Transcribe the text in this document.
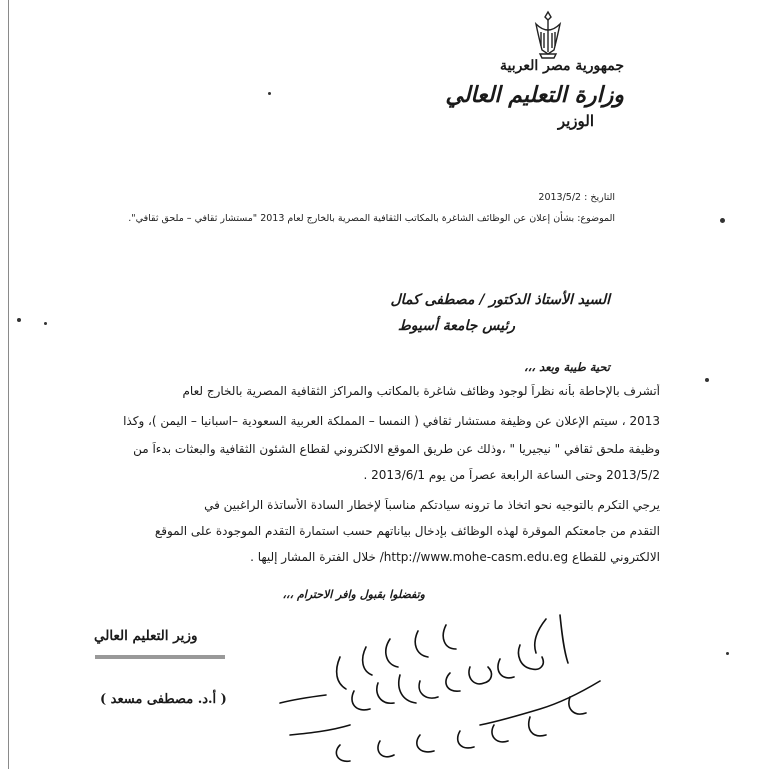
جمهورية مصر العربية
وزارة التعليم العالي
الوزير
التاريخ : 2013/5/2
الموضوع: بشأن إعلان عن الوظائف الشاغرة بالمكاتب الثقافية المصرية بالخارج لعام 2013 "مستشار ثقافي – ملحق ثقافي".
السيد الأستاذ الدكتور / مصطفى كمال
رئيس جامعة أسيوط
تحية طيبة وبعد ،،،
أتشرف بالإحاطة بأنه نظراً لوجود وظائف شاغرة بالمكاتب والمراكز الثقافية المصرية بالخارج لعام
2013 ، سيتم الإعلان عن وظيفة مستشار ثقافي ( النمسا – المملكة العربية السعودية –اسبانيا – اليمن )، وكذا
وظيفة ملحق ثقافي " نيجيريا " ،وذلك عن طريق الموقع الالكتروني لقطاع الشئون الثقافية والبعثات بدءاً من
2013/5/2 وحتى الساعة الرابعة عصراً من يوم 2013/6/1 .
يرجي التكرم بالتوجيه نحو اتخاذ ما ترونه سيادتكم مناسباً لإخطار السادة الأساتذة الراغبين في
التقدم من جامعتكم الموقرة لهذه الوظائف بإدخال بياناتهم حسب استمارة التقدم الموجودة على الموقع
الالكتروني للقطاع http://www.mohe-casm.edu.eg/ خلال الفترة المشار إليها .
وتفضلوا بقبول وافر الاحترام ،،،
وزير التعليم العالي
( أ.د. مصطفى مسعد )
